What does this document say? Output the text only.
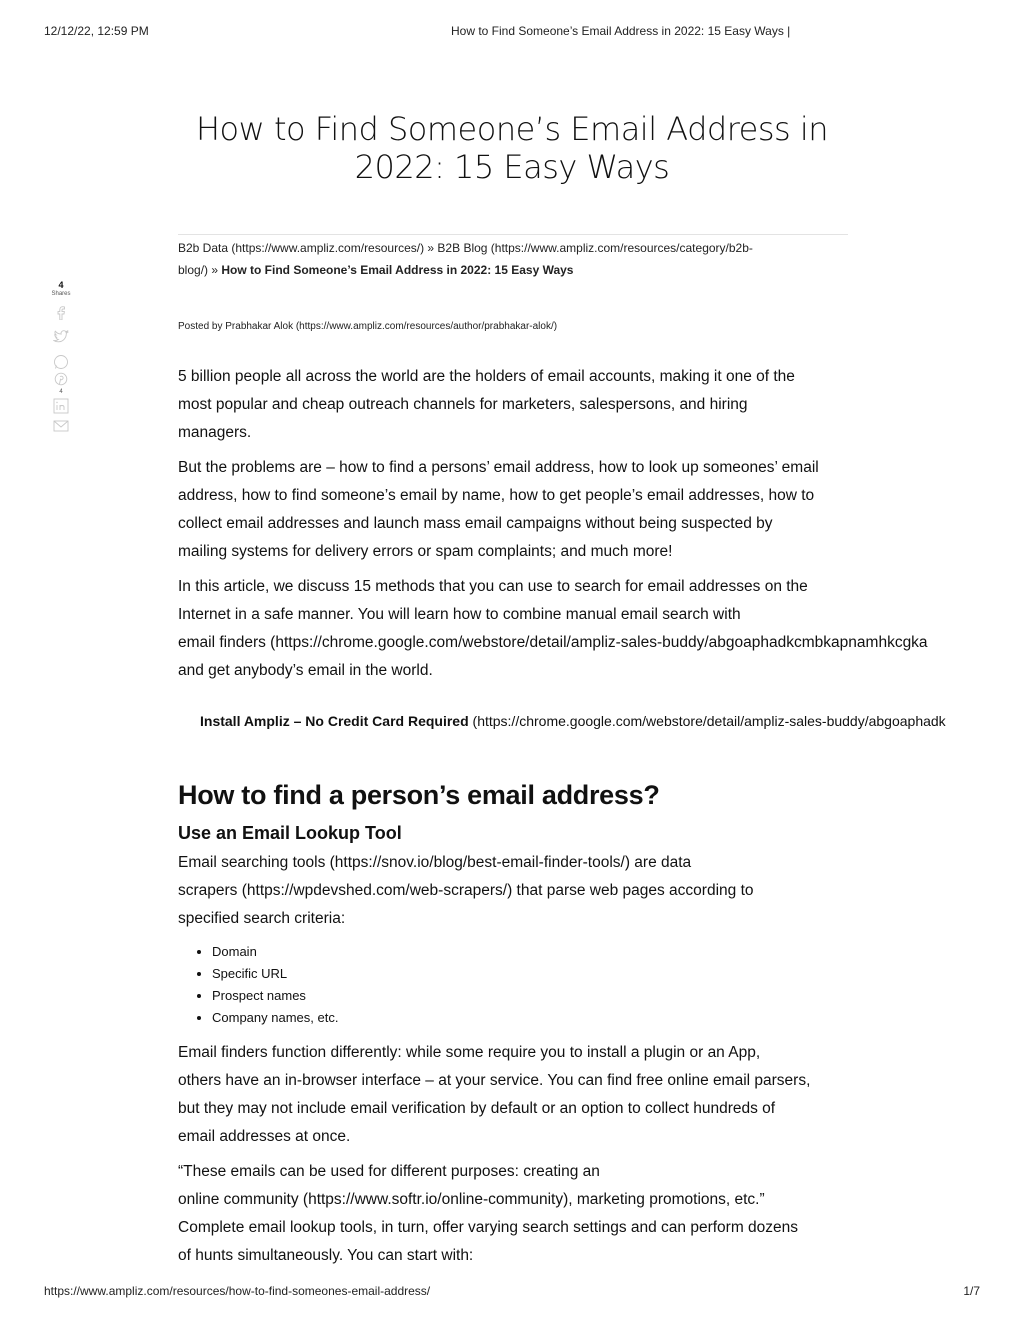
12/12/22, 12:59 PM	How to Find Someone’s Email Address in 2022: 15 Easy Ways |
How to Find Someone’s Email Address in
2022: 15 Easy Ways
B2b Data (https://www.ampliz.com/resources/) » B2B Blog (https://www.ampliz.com/resources/category/b2b-
blog/) » How to Find Someone’s Email Address in 2022: 15 Easy Ways
4
Shares
4
Posted by Prabhakar Alok (https://www.ampliz.com/resources/author/prabhakar-alok/)

5 billion people all across the world are the holders of email accounts, making it one of the
most popular and cheap outreach channels for marketers, salespersons, and hiring
managers.

But the problems are – how to find a persons’ email address, how to look up someones’ email
address, how to find someone’s email by name, how to get people’s email addresses, how to
collect email addresses and launch mass email campaigns without being suspected by
mailing systems for delivery errors or spam complaints; and much more!

In this article, we discuss 15 methods that you can use to search for email addresses on the
Internet in a safe manner. You will learn how to combine manual email search with
email finders (https://chrome.google.com/webstore/detail/ampliz-sales-buddy/abgoaphadkcmbkapnamhkcgka
and get anybody’s email in the world.

Install Ampliz – No Credit Card Required (https://chrome.google.com/webstore/detail/ampliz-sales-buddy/abgoaphadk
How to find a person’s email address?
Use an Email Lookup Tool

Email searching tools (https://snov.io/blog/best-email-finder-tools/) are data
scrapers (https://wpdevshed.com/web-scrapers/) that parse web pages according to
specified search criteria:

• Domain
• Specific URL
• Prospect names
• Company names, etc.

Email finders function differently: while some require you to install a plugin or an App,
others have an in-browser interface – at your service. You can find free online email parsers,
but they may not include email verification by default or an option to collect hundreds of
email addresses at once.

“These emails can be used for different purposes: creating an
online community (https://www.softr.io/online-community), marketing promotions, etc.”
Complete email lookup tools, in turn, offer varying search settings and can perform dozens
of hunts simultaneously. You can start with:

https://www.ampliz.com/resources/how-to-find-someones-email-address/	1/7
